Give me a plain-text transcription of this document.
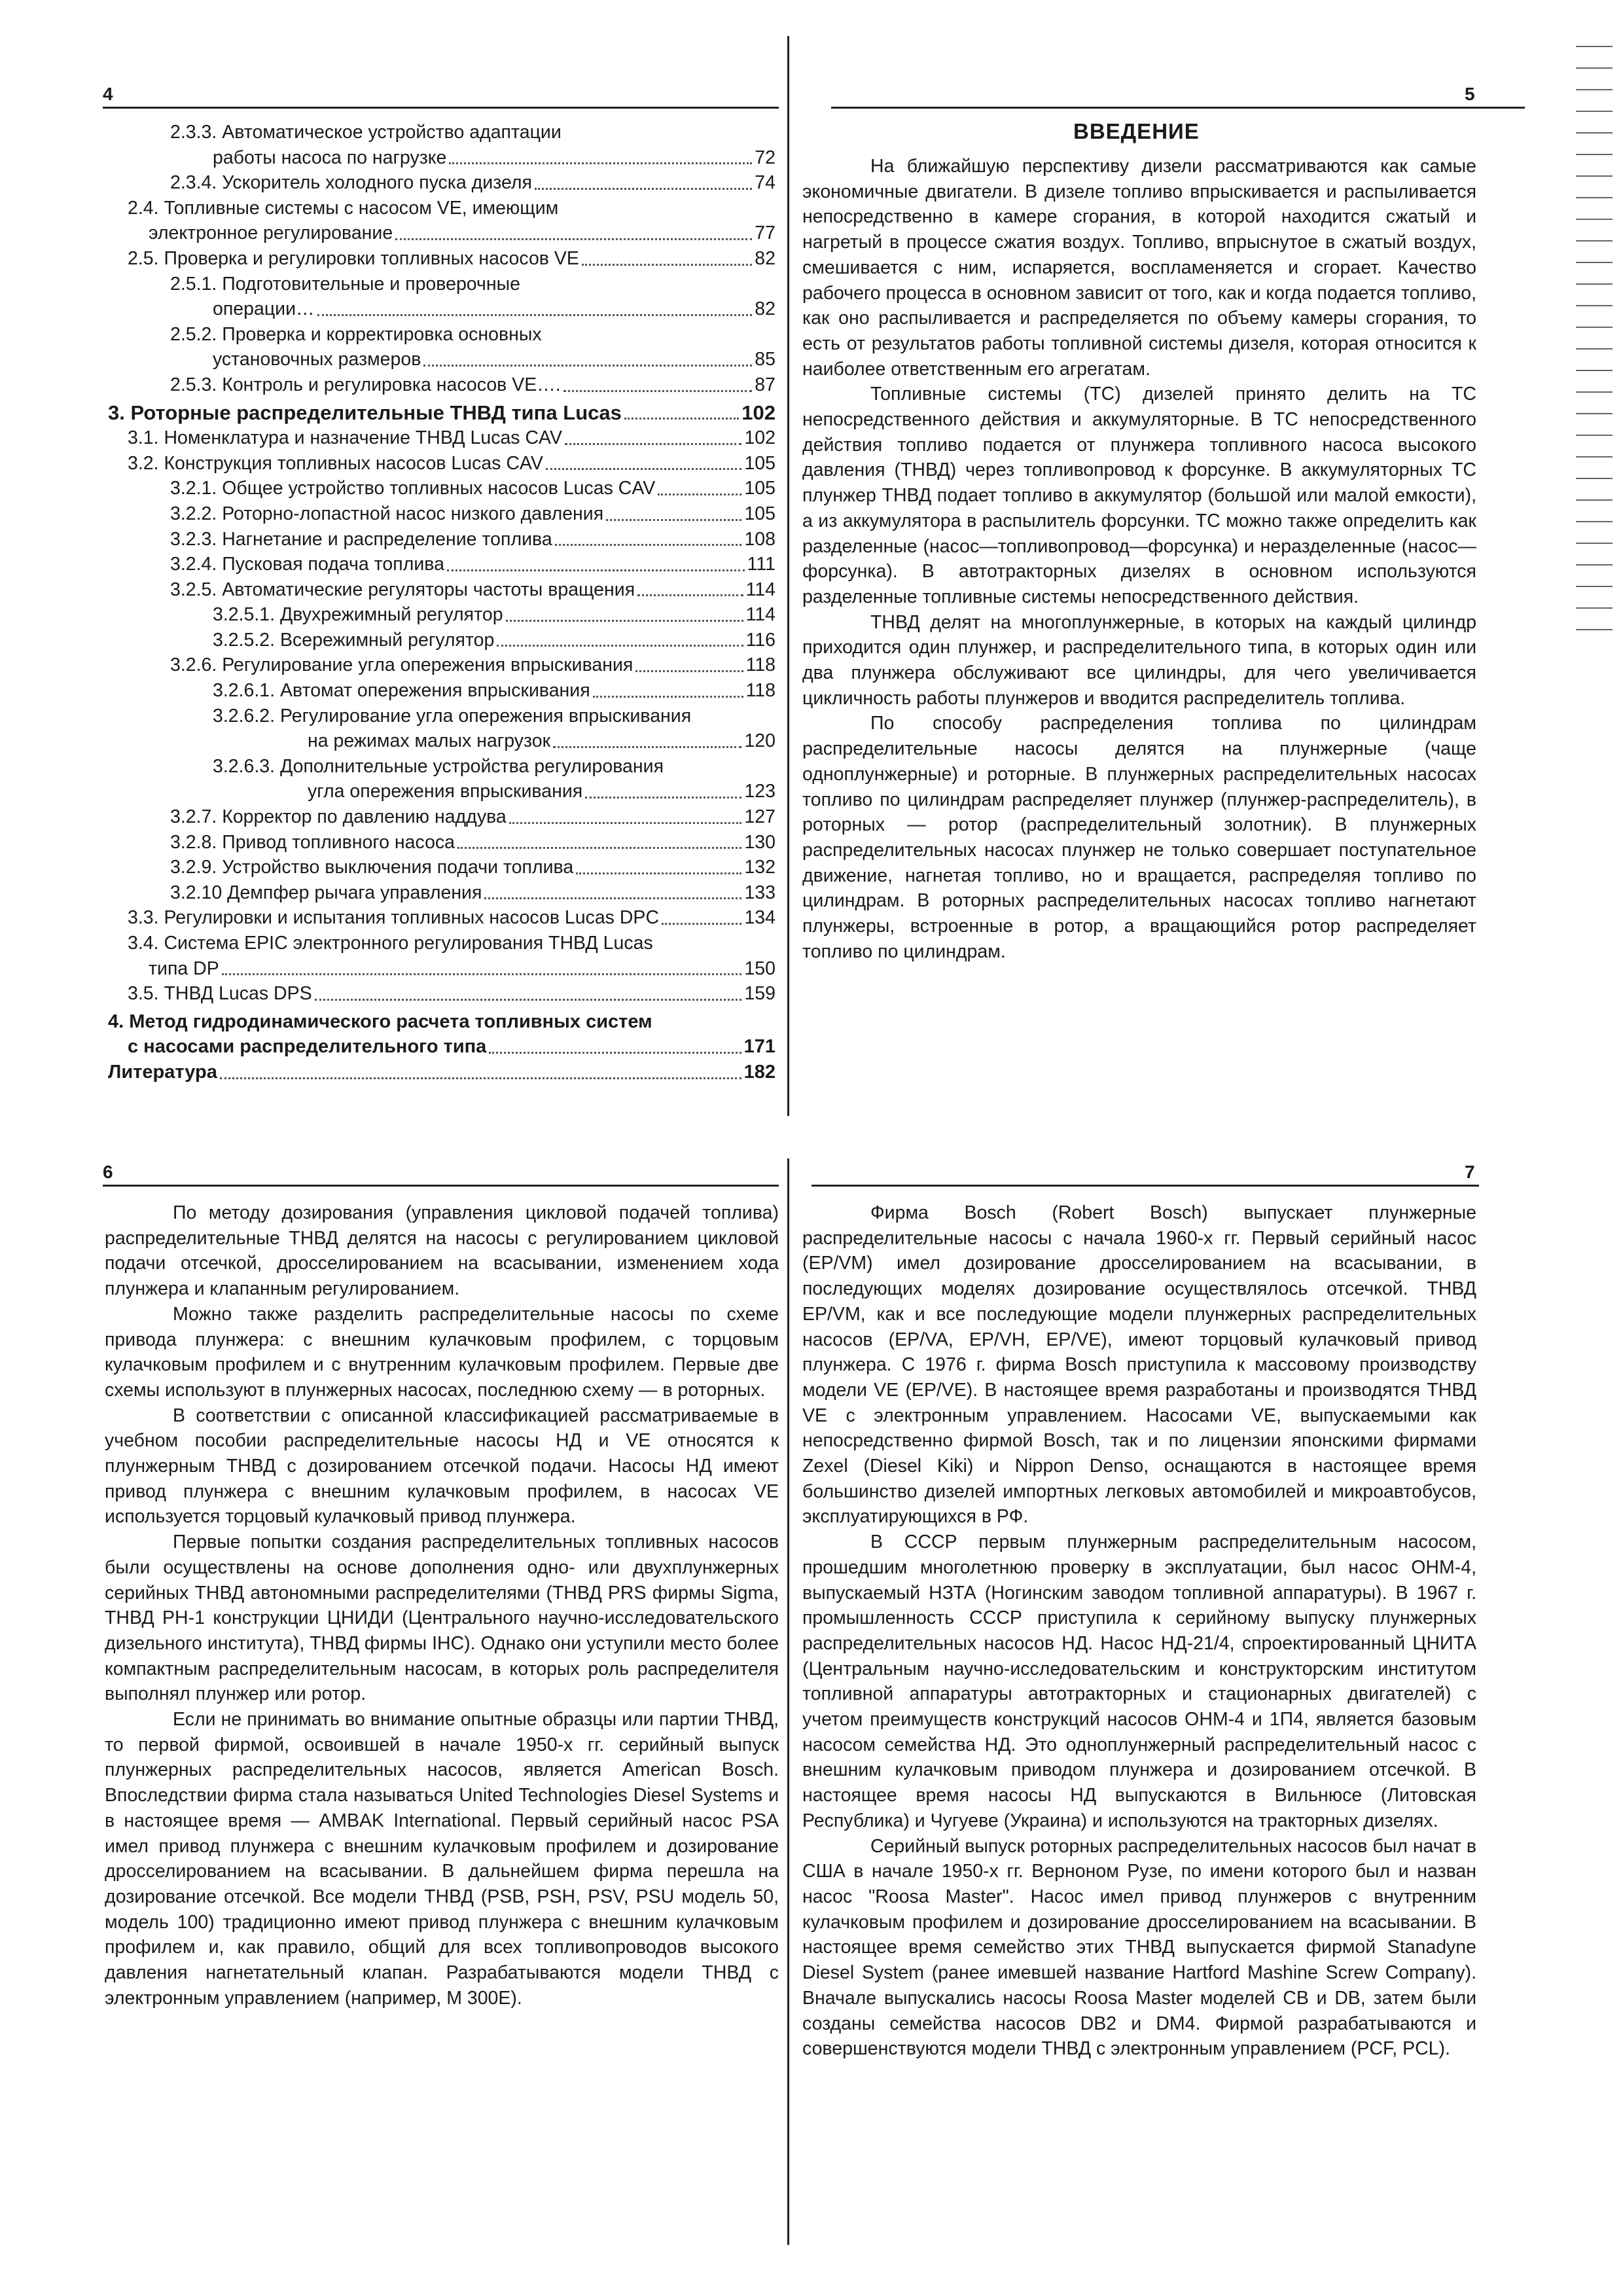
4
2.3.3. Автоматическое устройство адаптации
работы насоса по нагрузке	72
2.3.4. Ускоритель холодного пуска дизеля	74
2.4. Топливные системы с насосом VE, имеющим
электронное регулирование	77
2.5. Проверка и регулировки топливных насосов VE	82
2.5.1. Подготовительные и проверочные
операции…	82
2.5.2. Проверка и корректировка основных
установочных размеров	85
2.5.3. Контроль и регулировка насосов VE….	87
3. Роторные распределительные ТНВД типа Lucas	102
3.1. Номенклатура и назначение ТНВД Lucas CAV	102
3.2. Конструкция топливных насосов Lucas CAV	105
3.2.1. Общее устройство топливных насосов Lucas CAV	105
3.2.2. Роторно-лопастной насос низкого давления	105
3.2.3. Нагнетание и распределение топлива	108
3.2.4. Пусковая подача топлива	111
3.2.5. Автоматические регуляторы частоты вращения	114
3.2.5.1. Двухрежимный регулятор	114
3.2.5.2. Всережимный регулятор	116
3.2.6. Регулирование угла опережения впрыскивания	118
3.2.6.1. Автомат опережения впрыскивания	118
3.2.6.2. Регулирование угла опережения впрыскивания
на режимах малых нагрузок	120
3.2.6.3. Дополнительные устройства регулирования
угла опережения впрыскивания	123
3.2.7. Корректор по давлению наддува	127
3.2.8. Привод топливного насоса	130
3.2.9. Устройство выключения подачи топлива	132
3.2.10 Демпфер рычага управления	133
3.3. Регулировки и испытания топливных насосов Lucas DPC	134
3.4. Система EPIC электронного регулирования ТНВД Lucas
типа DP	150
3.5. ТНВД Lucas DPS	159
4. Метод гидродинамического расчета топливных систем
с насосами распределительного типа	171
Литература	182
5
ВВЕДЕНИЕ

На ближайшую перспективу дизели рассматриваются как самые экономичные двигатели. В дизеле топливо впрыскивается и распыливается непосредственно в камере сгорания, в которой находится сжатый и нагретый в процессе сжатия воздух. Топливо, впрыснутое в сжатый воздух, смешивается с ним, испаряется, воспламеняется и сгорает. Качество рабочего процесса в основном зависит от того, как и когда подается топливо, как оно распыливается и распределяется по объему камеры сгорания, то есть от результатов работы топливной системы дизеля, которая относится к наиболее ответственным его агрегатам.

Топливные системы (ТС) дизелей принято делить на ТС непосредственного действия и аккумуляторные. В ТС непосредственного действия топливо подается от плунжера топливного насоса высокого давления (ТНВД) через топливопровод к форсунке. В аккумуляторных ТС плунжер ТНВД подает топливо в аккумулятор (большой или малой емкости), а из аккумулятора в распылитель форсунки. ТС можно также определить как разделенные (насос—топливопровод—форсунка) и неразделенные (насос—форсунка). В автотракторных дизелях в основном используются разделенные топливные системы непосредственного действия.

ТНВД делят на многоплунжерные, в которых на каждый цилиндр приходится один плунжер, и распределительного типа, в которых один или два плунжера обслуживают все цилиндры, для чего увеличивается цикличность работы плунжеров и вводится распределитель топлива.

По способу распределения топлива по цилиндрам распределительные насосы делятся на плунжерные (чаще одноплунжерные) и роторные. В плунжерных распределительных насосах топливо по цилиндрам распределяет плунжер (плунжер-распределитель), в роторных — ротор (распределительный золотник). В плунжерных распределительных насосах плунжер не только совершает поступательное движение, нагнетая топливо, но и вращается, распределяя топливо по цилиндрам. В роторных распределительных насосах топливо нагнетают плунжеры, встроенные в ротор, а вращающийся ротор распределяет топливо по цилиндрам.

6

По методу дозирования (управления цикловой подачей топлива) распределительные ТНВД делятся на насосы с регулированием цикловой подачи отсечкой, дросселированием на всасывании, изменением хода плунжера и клапанным регулированием.

Можно также разделить распределительные насосы по схеме привода плунжера: с внешним кулачковым профилем, с торцовым кулачковым профилем и с внутренним кулачковым профилем. Первые две схемы используют в плунжерных насосах, последнюю схему — в роторных.

В соответствии с описанной классификацией рассматриваемые в учебном пособии распределительные насосы НД и VE относятся к плунжерным ТНВД с дозированием отсечкой подачи. Насосы НД имеют привод плунжера с внешним кулачковым профилем, в насосах VE используется торцовый кулачковый привод плунжера.

Первые попытки создания распределительных топливных насосов были осуществлены на основе дополнения одно- или двухплунжерных серийных ТНВД автономными распределителями (ТНВД PRS фирмы Sigma, ТНВД PH-1 конструкции ЦНИДИ (Центрального научно-исследовательского дизельного института), ТНВД фирмы IHC). Однако они уступили место более компактным распределительным насосам, в которых роль распределителя выполнял плунжер или ротор.

Если не принимать во внимание опытные образцы или партии ТНВД, то первой фирмой, освоившей в начале 1950-х гг. серийный выпуск плунжерных распределительных насосов, является American Bosch. Впоследствии фирма стала называться United Technologies Diesel Systems и в настоящее время — AMBAK International. Первый серийный насос PSA имел привод плунжера с внешним кулачковым профилем и дозирование дросселированием на всасывании. В дальнейшем фирма перешла на дозирование отсечкой. Все модели ТНВД (PSB, PSH, PSV, PSU модель 50, модель 100) традиционно имеют привод плунжера с внешним кулачковым профилем и, как правило, общий для всех топливопроводов высокого давления нагнетательный клапан. Разрабатываются модели ТНВД с электронным управлением (например, М 300Е).

7

Фирма Bosch (Robert Bosch) выпускает плунжерные распределительные насосы с начала 1960-х гг. Первый серийный насос (EP/VM) имел дозирование дросселированием на всасывании, в последующих моделях дозирование осуществлялось отсечкой. ТНВД EP/VM, как и все последующие модели плунжерных распределительных насосов (EP/VA, EP/VH, EP/VE), имеют торцовый кулачковый привод плунжера. С 1976 г. фирма Bosch приступила к массовому производству модели VE (EP/VE). В настоящее время разработаны и производятся ТНВД VE с электронным управлением. Насосами VE, выпускаемыми как непосредственно фирмой Bosch, так и по лицензии японскими фирмами Zexel (Diesel Kiki) и Nippon Denso, оснащаются в настоящее время большинство дизелей импортных легковых автомобилей и микроавтобусов, эксплуатирующихся в РФ.

В СССР первым плунжерным распределительным насосом, прошедшим многолетнюю проверку в эксплуатации, был насос ОНМ-4, выпускаемый НЗТА (Ногинским заводом топливной аппаратуры). В 1967 г. промышленность СССР приступила к серийному выпуску плунжерных распределительных насосов НД. Насос НД-21/4, спроектированный ЦНИТА (Центральным научно-исследовательским и конструкторским институтом топливной аппаратуры автотракторных и стационарных двигателей) с учетом преимуществ конструкций насосов ОНМ-4 и 1П4, является базовым насосом семейства НД. Это одноплунжерный распределительный насос с внешним кулачковым приводом плунжера и дозированием отсечкой. В настоящее время насосы НД выпускаются в Вильнюсе (Литовская Республика) и Чугуеве (Украина) и используются на тракторных дизелях.

Серийный выпуск роторных распределительных насосов был начат в США в начале 1950-х гг. Верноном Рузе, по имени которого был и назван насос "Roosa Master". Насос имел привод плунжеров с внутренним кулачковым профилем и дозирование дросселированием на всасывании. В настоящее время семейство этих ТНВД выпускается фирмой Stanadyne Diesel System (ранее имевшей название Hartford Mashine Screw Company). Вначале выпускались насосы Roosa Master моделей CB и DB, затем были созданы семейства насосов DB2 и DM4. Фирмой разрабатываются и совершенствуются модели ТНВД с электронным управлением (PCF, PCL).
